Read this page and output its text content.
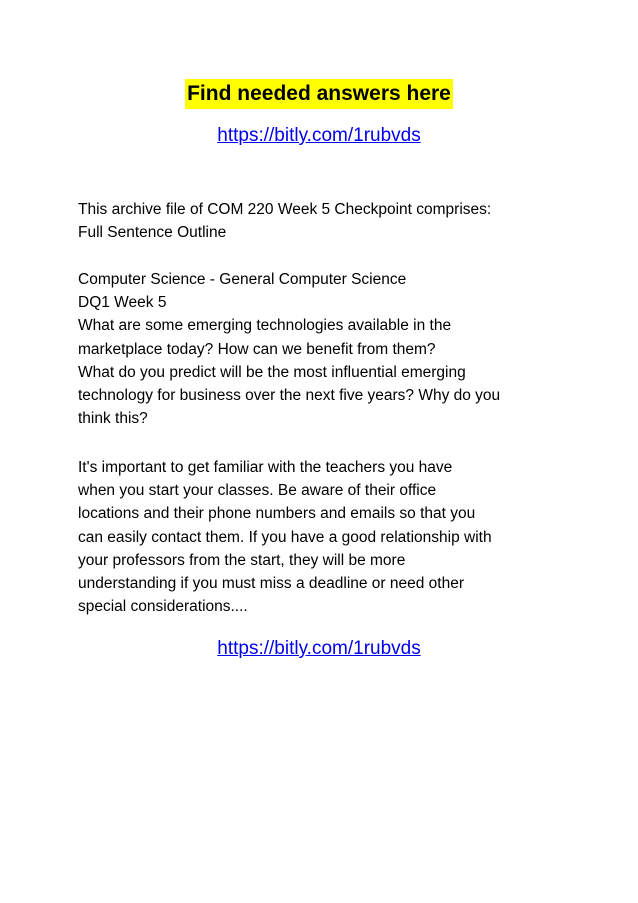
Find needed answers here
https://bitly.com/1rubvds
This archive file of COM 220 Week 5 Checkpoint comprises:
Full Sentence Outline
Computer Science - General Computer Science
DQ1 Week 5
What are some emerging technologies available in the
marketplace today? How can we benefit from them?
What do you predict will be the most influential emerging
technology for business over the next five years? Why do you
think this?
It's important to get familiar with the teachers you have
when you start your classes. Be aware of their office
locations and their phone numbers and emails so that you
can easily contact them. If you have a good relationship with
your professors from the start, they will be more
understanding if you must miss a deadline or need other
special considerations....
https://bitly.com/1rubvds
